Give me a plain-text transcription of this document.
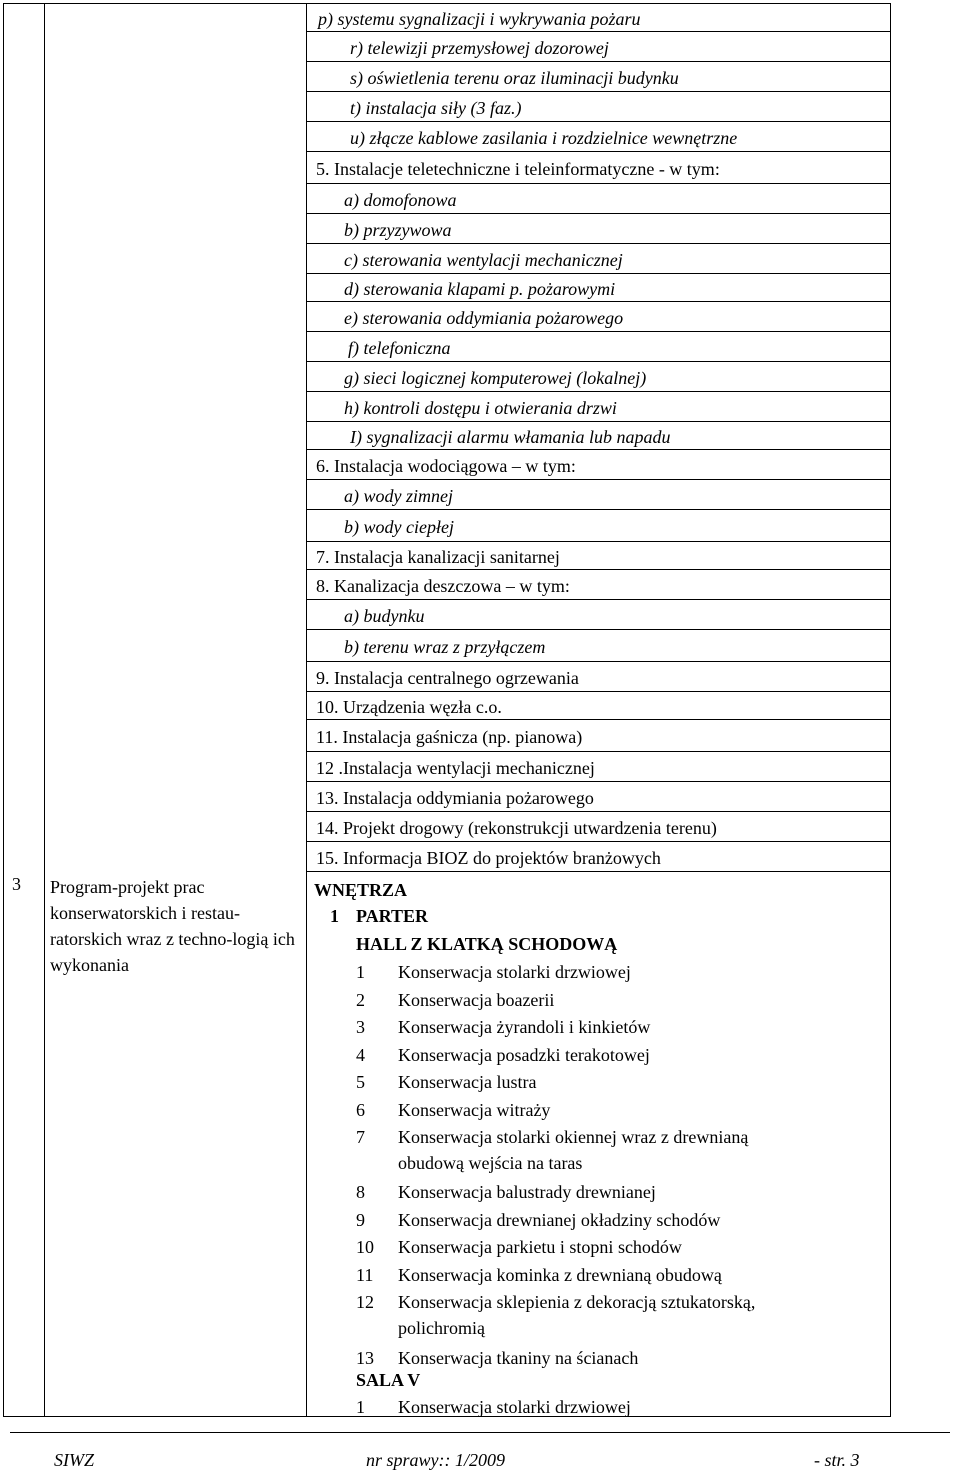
3 Program-projekt prac konserwatorskich i restau-ratorskich wraz z techno-logią ich wykonania
p) systemu sygnalizacji i wykrywania pożaru
r) telewizji przemysłowej dozorowej
s) oświetlenia terenu oraz iluminacji budynku
t) instalacja siły (3 faz.)
u) złącze kablowe zasilania i rozdzielnice wewnętrzne
5. Instalacje teletechniczne i teleinformatyczne - w tym:
a) domofonowa
b) przyzywowa
c) sterowania wentylacji mechanicznej
d) sterowania klapami p. pożarowymi
e) sterowania oddymiania pożarowego
f) telefoniczna
g) sieci logicznej komputerowej (lokalnej)
h) kontroli dostępu i otwierania drzwi
I) sygnalizacji alarmu włamania lub napadu
6. Instalacja wodociągowa – w tym:
a) wody zimnej
b) wody ciepłej
7. Instalacja kanalizacji sanitarnej
8. Kanalizacja deszczowa – w tym:
a) budynku
b) terenu wraz z przyłączem
9. Instalacja centralnego ogrzewania
10. Urządzenia węzła c.o.
11. Instalacja gaśnicza (np. pianowa)
12 .Instalacja wentylacji mechanicznej
13. Instalacja oddymiania pożarowego
14. Projekt drogowy (rekonstrukcji utwardzenia terenu)
15. Informacja BIOZ do projektów branżowych
WNĘTRZA
1 PARTER
HALL Z KLATKĄ SCHODOWĄ
1 Konserwacja stolarki drzwiowej
2 Konserwacja boazerii
3 Konserwacja żyrandoli i kinkietów
4 Konserwacja posadzki terakotowej
5 Konserwacja lustra
6 Konserwacja witraży
7 Konserwacja stolarki okiennej wraz z drewnianą
obudową wejścia na taras
8 Konserwacja balustrady drewnianej
9 Konserwacja drewnianej okładziny schodów
10 Konserwacja parkietu i stopni schodów
11 Konserwacja kominka z drewnianą obudową
12 Konserwacja sklepienia z dekoracją sztukatorską,
polichromią
13 Konserwacja tkaniny na ścianach
SALA V
1 Konserwacja stolarki drzwiowej
SIWZ	nr sprawy:: 1/2009	- str. 3
